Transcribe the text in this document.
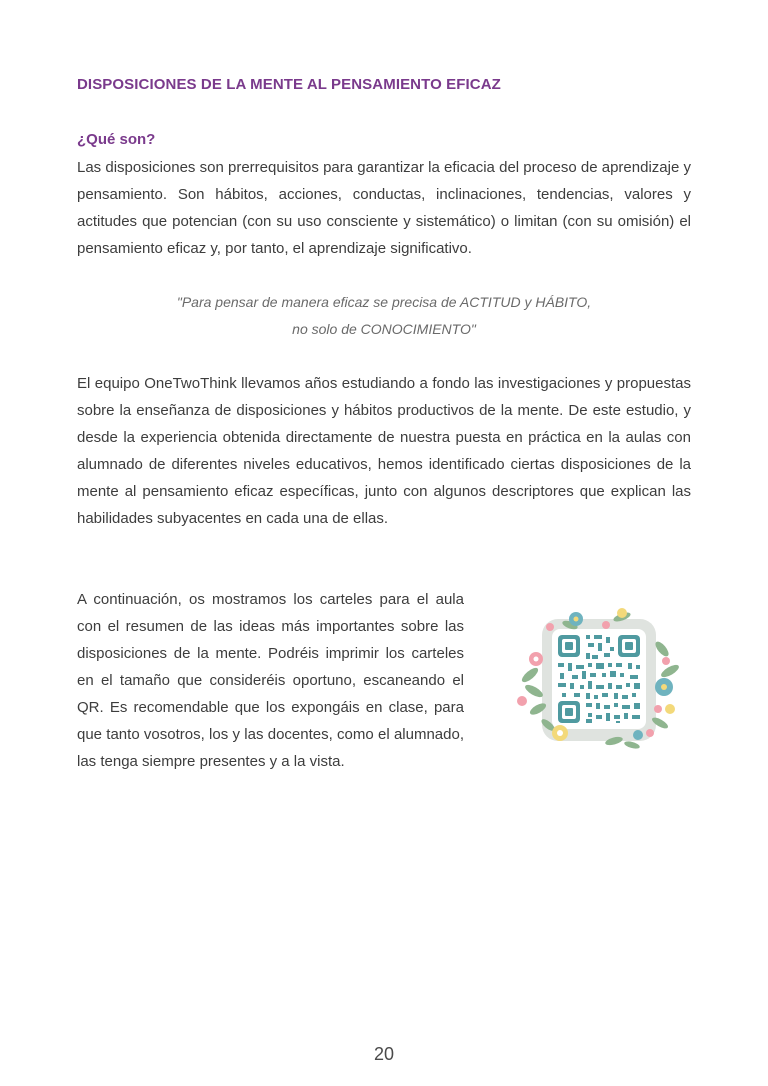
DISPOSICIONES DE LA MENTE AL PENSAMIENTO EFICAZ
¿Qué son?

Las disposiciones son prerrequisitos para garantizar la eficacia del proceso de aprendizaje y pensamiento. Son hábitos, acciones, conductas, inclinaciones, tendencias, valores y actitudes que potencian (con su uso consciente y sistemático) o limitan (con su omisión) el pensamiento eficaz y, por tanto, el aprendizaje significativo.

"Para pensar de manera eficaz se precisa de ACTITUD y HÁBITO,
no solo de CONOCIMIENTO"

El equipo OneTwoThink llevamos años estudiando a fondo las investigaciones y propuestas sobre la enseñanza de disposiciones y hábitos productivos de la mente. De este estudio, y desde la experiencia obtenida directamente de nuestra puesta en práctica en la aulas con alumnado de diferentes niveles educativos, hemos identificado ciertas disposiciones de la mente al pensamiento eficaz específicas, junto con algunos descriptores que explican las habilidades subyacentes en cada una de ellas.

A continuación, os mostramos los carteles para el aula con el resumen de las ideas más importantes sobre las disposiciones de la mente. Podréis imprimir los carteles en el tamaño que consideréis oportuno, escaneando el QR. Es recomendable que los expongáis en clase, para que tanto vosotros, los y las docentes, como el alumnado, las tenga siempre presentes y a la vista.

20
